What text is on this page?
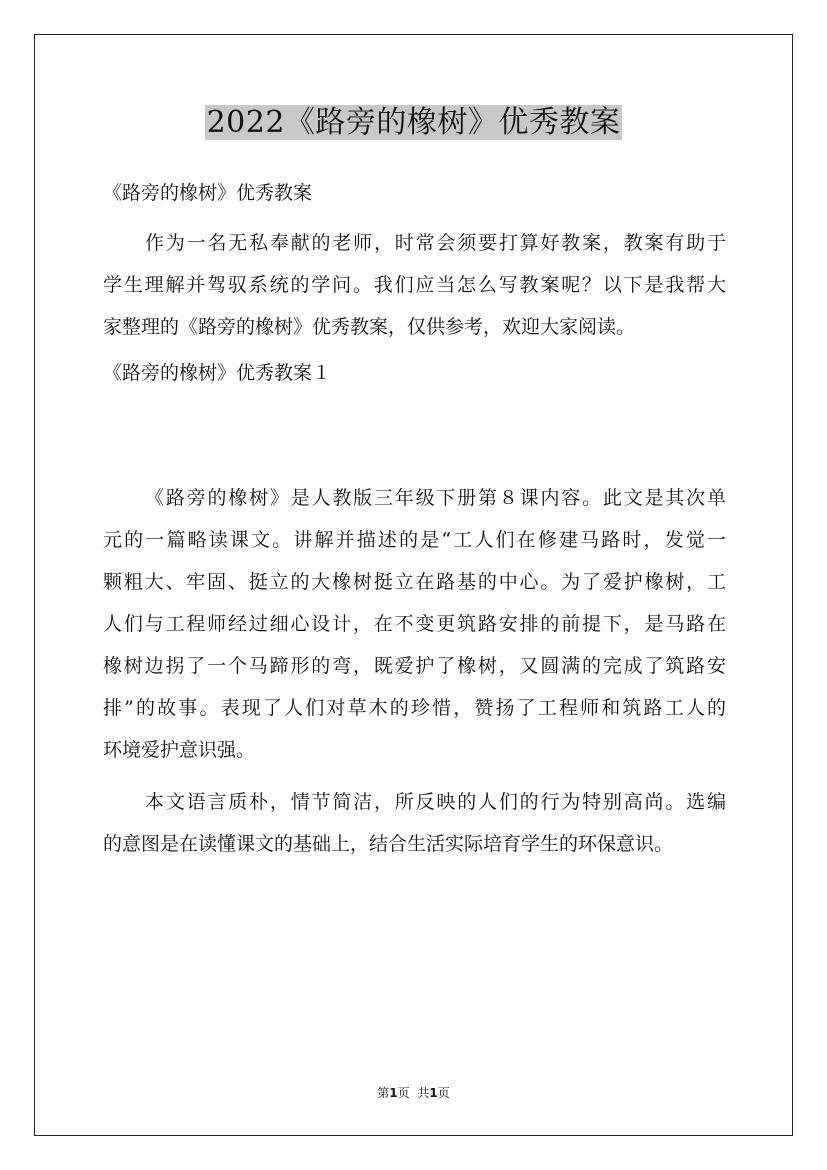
2022《路旁的橡树》优秀教案
《路旁的橡树》优秀教案
作为一名无私奉献的老师，时常会须要打算好教案，教案有助于
学生理解并驾驭系统的学问。我们应当怎么写教案呢？以下是我帮大
家整理的《路旁的橡树》优秀教案，仅供参考，欢迎大家阅读。
《路旁的橡树》优秀教案１
《路旁的橡树》是人教版三年级下册第８课内容。此文是其次单
元的一篇略读课文。讲解并描述的是“工人们在修建马路时，发觉一
颗粗大、牢固、挺立的大橡树挺立在路基的中心。为了爱护橡树，工
人们与工程师经过细心设计，在不变更筑路安排的前提下，是马路在
橡树边拐了一个马蹄形的弯，既爱护了橡树，又圆满的完成了筑路安
排”的故事。表现了人们对草木的珍惜，赞扬了工程师和筑路工人的
环境爱护意识强。
本文语言质朴，情节简洁，所反映的人们的行为特别高尚。选编
的意图是在读懂课文的基础上，结合生活实际培育学生的环保意识。
第1页 共1页
